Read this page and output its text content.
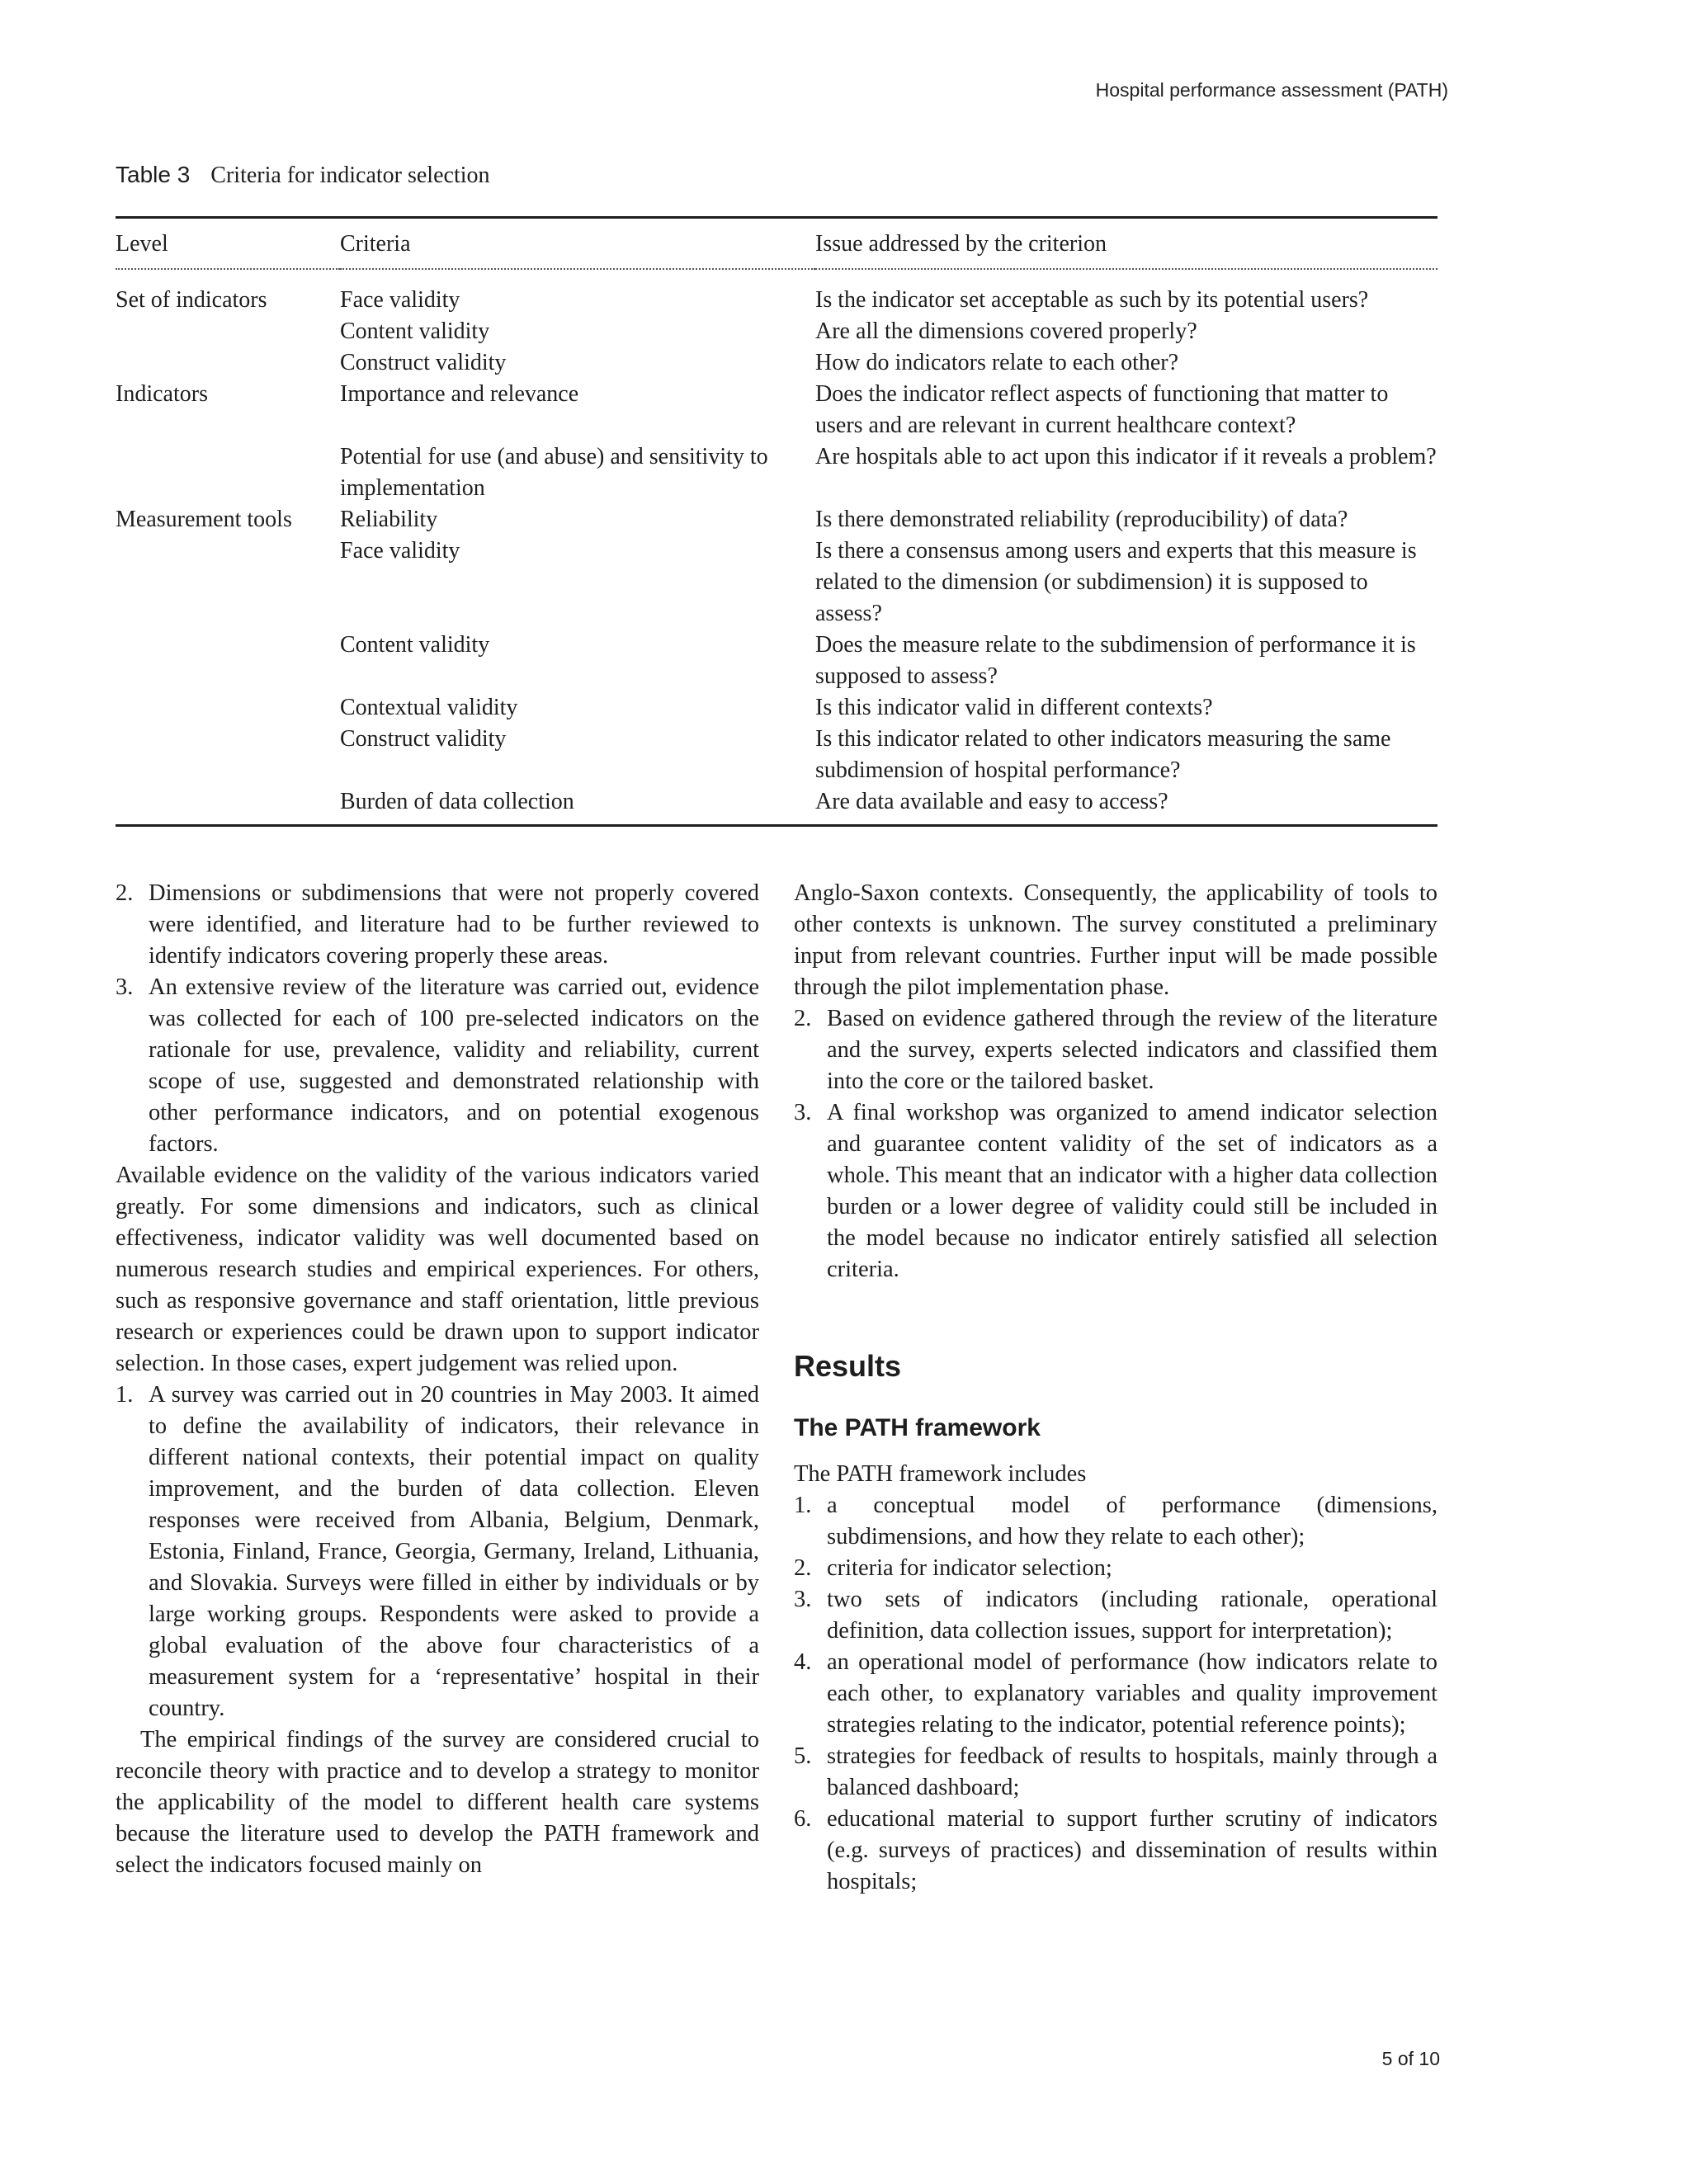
Hospital performance assessment (PATH)
Table 3 Criteria for indicator selection
Level	Criteria	Issue addressed by the criterion
Set of indicators	Face validity	Is the indicator set acceptable as such by its potential users?
	Content validity	Are all the dimensions covered properly?
	Construct validity	How do indicators relate to each other?
Indicators	Importance and relevance	Does the indicator reflect aspects of functioning that matter to users and are relevant in current healthcare context?
	Potential for use (and abuse) and sensitivity to implementation	Are hospitals able to act upon this indicator if it reveals a problem?
Measurement tools	Reliability	Is there demonstrated reliability (reproducibility) of data?
	Face validity	Is there a consensus among users and experts that this measure is related to the dimension (or subdimension) it is supposed to assess?
	Content validity	Does the measure relate to the subdimension of performance it is supposed to assess?
	Contextual validity	Is this indicator valid in different contexts?
	Construct validity	Is this indicator related to other indicators measuring the same subdimension of hospital performance?
	Burden of data collection	Are data available and easy to access?
2. Dimensions or subdimensions that were not properly covered were identified, and literature had to be further reviewed to identify indicators covering properly these areas.
3. An extensive review of the literature was carried out, evidence was collected for each of 100 pre-selected indicators on the rationale for use, prevalence, validity and reliability, current scope of use, suggested and demonstrated relationship with other performance indicators, and on potential exogenous factors.

Available evidence on the validity of the various indicators varied greatly. For some dimensions and indicators, such as clinical effectiveness, indicator validity was well documented based on numerous research studies and empirical experiences. For others, such as responsive governance and staff orientation, little previous research or experiences could be drawn upon to support indicator selection. In those cases, expert judgement was relied upon.

1. A survey was carried out in 20 countries in May 2003. It aimed to define the availability of indicators, their relevance in different national contexts, their potential impact on quality improvement, and the burden of data collection. Eleven responses were received from Albania, Belgium, Denmark, Estonia, Finland, France, Georgia, Germany, Ireland, Lithuania, and Slovakia. Surveys were filled in either by individuals or by large working groups. Respondents were asked to provide a global evaluation of the above four characteristics of a measurement system for a ‘representative’ hospital in their country.

The empirical findings of the survey are considered crucial to reconcile theory with practice and to develop a strategy to monitor the applicability of the model to different health care systems because the literature used to develop the PATH framework and select the indicators focused mainly on

Anglo-Saxon contexts. Consequently, the applicability of tools to other contexts is unknown. The survey constituted a preliminary input from relevant countries. Further input will be made possible through the pilot implementation phase.

2. Based on evidence gathered through the review of the literature and the survey, experts selected indicators and classified them into the core or the tailored basket.
3. A final workshop was organized to amend indicator selection and guarantee content validity of the set of indicators as a whole. This meant that an indicator with a higher data collection burden or a lower degree of validity could still be included in the model because no indicator entirely satisfied all selection criteria.
Results
The PATH framework

The PATH framework includes

1. a conceptual model of performance (dimensions, subdimensions, and how they relate to each other);
2. criteria for indicator selection;
3. two sets of indicators (including rationale, operational definition, data collection issues, support for interpretation);
4. an operational model of performance (how indicators relate to each other, to explanatory variables and quality improvement strategies relating to the indicator, potential reference points);
5. strategies for feedback of results to hospitals, mainly through a balanced dashboard;
6. educational material to support further scrutiny of indicators (e.g. surveys of practices) and dissemination of results within hospitals;
5 of 10
